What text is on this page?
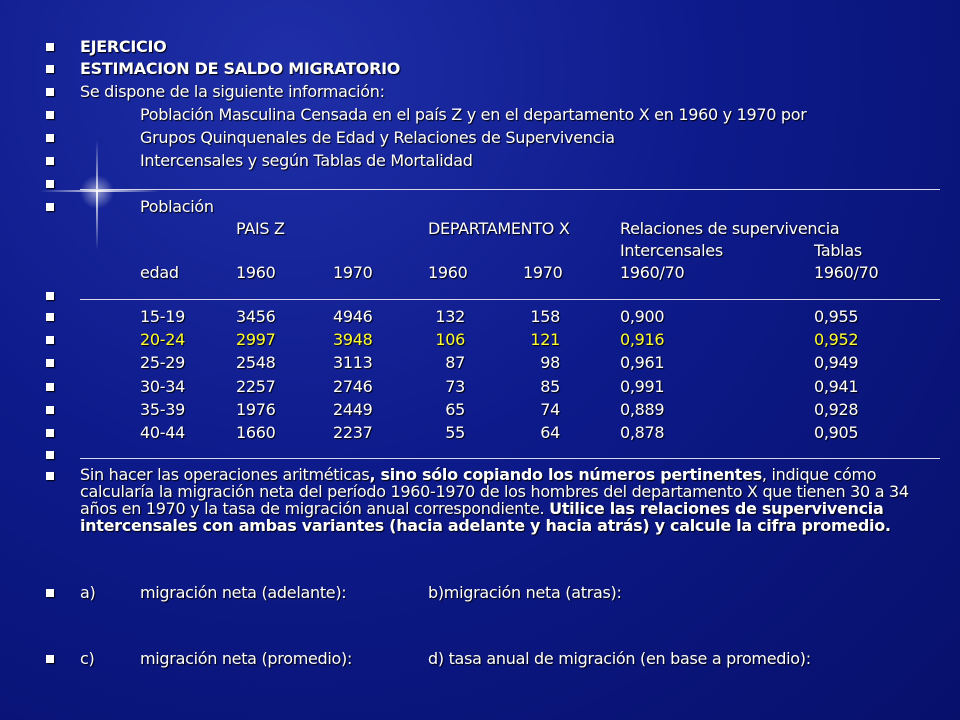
EJERCICIO
ESTIMACION DE SALDO MIGRATORIO
Se dispone de la siguiente información:
Población Masculina Censada en el país Z y en el departamento X en 1960 y 1970 por
Grupos Quinquenales de Edad y Relaciones de Supervivencia
Intercensales y según Tablas de Mortalidad
Población
PAIS Z	DEPARTAMENTO X	Relaciones de supervivencia
Intercensales	Tablas
edad	1960	1970	1960	1970	1960/70	1960/70
15-19	3456	4946	132	158	0,900	0,955
20-24	2997	3948	106	121	0,916	0,952
25-29	2548	3113	87	98	0,961	0,949
30-34	2257	2746	73	85	0,991	0,941
35-39	1976	2449	65	74	0,889	0,928
40-44	1660	2237	55	64	0,878	0,905
Sin hacer las operaciones aritméticas, sino sólo copiando los números pertinentes, indique cómo calcularía la migración neta del período 1960-1970 de los hombres del departamento X que tienen 30 a 34 años en 1970 y la tasa de migración anual correspondiente. Utilice las relaciones de supervivencia intercensales con ambas variantes (hacia adelante y hacia atrás) y calcule la cifra promedio.
a)	migración neta (adelante):	b)migración neta (atras):
c)	migración neta (promedio):	d) tasa anual de migración (en base a promedio):
